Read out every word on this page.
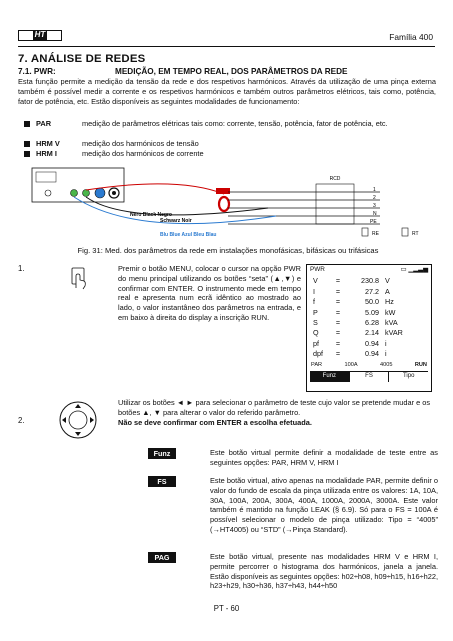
HT	Família 400
7. ANÁLISE DE REDES
7.1. PWR:	MEDIÇÃO, EM TEMPO REAL, DOS PARÂMETROS DA REDE
Esta função permite a medição da tensão da rede e dos respetivos harmónicos. Através da utilização de uma pinça externa também é possível medir a corrente e os respetivos harmónicos e também outros parâmetros elétricos, tais como, potência, fator de potência, etc. Estão disponíveis as seguintes modalidades de funcionamento:
PAR	medição de parâmetros elétricas tais como: corrente, tensão, potência, fator de potência, etc.
HRM V	medição dos harmónicos de tensão
HRM I	medição dos harmónicos de corrente
RCD
1
2
3
N
PE
Nero Black Negro
Schwarz Noir
Blu Blue Azul Bleu Blau	RE	RT
Fig. 31: Med. dos parâmetros da rede em instalações monofásicas, bifásicas ou trifásicas
1.	Premir o botão MENU, colocar o cursor na opção PWR do menu principal utilizando os botões “seta” (▲,▼) e confirmar com ENTER. O instrumento mede em tempo real e apresenta num ecrã idêntico ao mostrado ao lado, o valor instantâneo dos parâmetros na entrada, e em baixo à direita do display a inscrição RUN.
PWR	▭ ▁▂▃▅
V	=	230.8 V
I	=	27.2 A
f	=	50.0 Hz
P	=	5.09 kW
S	=	6.28 kVA
Q	=	2.14 kVAR
pf	=	0.94 i
dpf	=	0.94 i
PAR	100A	4005	RUN
Funz	FS	Tipo
2.
Utilizar os botões ◄ ► para selecionar o parâmetro de teste cujo valor se pretende mudar e os botões ▲, ▼ para alterar o valor do referido parâmetro.
Não se deve confirmar com ENTER a escolha efetuada.
Funz	Este botão virtual permite definir a modalidade de teste entre as seguintes opções: PAR, HRM V, HRM I
FS	Este botão virtual, ativo apenas na modalidade PAR, permite definir o valor do fundo de escala da pinça utilizada entre os valores: 1A, 10A, 30A, 100A, 200A, 300A, 400A, 1000A, 2000A, 3000A. Este valor também é mantido na função LEAK (§ 6.9). Só para o FS = 100A é possível selecionar o modelo de pinça utilizado: Tipo = “4005” (→HT4005) ou “STD” (→Pinça Standard).
PAG	Este botão virtual, presente nas modalidades HRM V e HRM I, permite percorrer o histograma dos harmónicos, janela a janela. Estão disponíveis as seguintes opções: h02÷h08, h09÷h15, h16÷h22, h23÷h29, h30÷h36, h37÷h43, h44÷h50
PT - 60
